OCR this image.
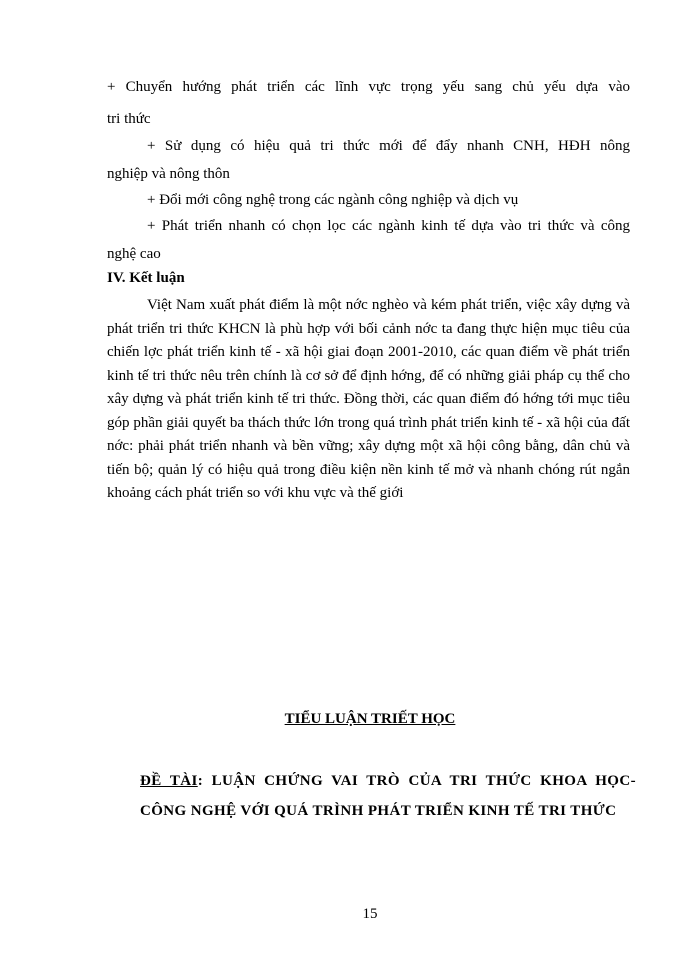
+ Chuyển hướng phát triển các lĩnh vực trọng yếu sang chủ yếu dựa vào
tri thức
+ Sử dụng có hiệu quả tri thức mới để đẩy nhanh CNH, HĐH nông
nghiệp và nông thôn
+ Đổi mới công nghệ trong các ngành công nghiệp và dịch vụ
+ Phát triển nhanh có chọn lọc các ngành kinh tế dựa vào tri thức và công
nghệ cao
IV. Kết luận
Việt Nam xuất phát điểm là một nớc nghèo và kém phát triển, việc xây dựng và phát triển tri thức KHCN là phù hợp với bối cảnh nớc ta đang thực hiện mục tiêu của chiến lợc phát triển kinh tế - xã hội giai đoạn 2001-2010, các quan điểm về phát triển kinh tế tri thức nêu trên chính là cơ sở để định hớng, để có những giải pháp cụ thể cho xây dựng và phát triển kinh tế tri thức. Đồng thời, các quan điểm đó hớng tới mục tiêu góp phần giải quyết ba thách thức lớn trong quá trình phát triển kinh tế - xã hội của đất nớc: phải phát triển nhanh và bền vững; xây dựng một xã hội công bằng, dân chủ và tiến bộ; quản lý có hiệu quả trong điều kiện nền kinh tế mở và nhanh chóng rút ngắn khoảng cách phát triển so với khu vực và thế giới
TIỂU LUẬN TRIẾT HỌC
ĐỀ TÀI: LUẬN CHỨNG VAI TRÒ CỦA TRI THỨC KHOA HỌC-CÔNG NGHỆ VỚI QUÁ TRÌNH PHÁT TRIỂN KINH TẾ TRI THỨC
15
